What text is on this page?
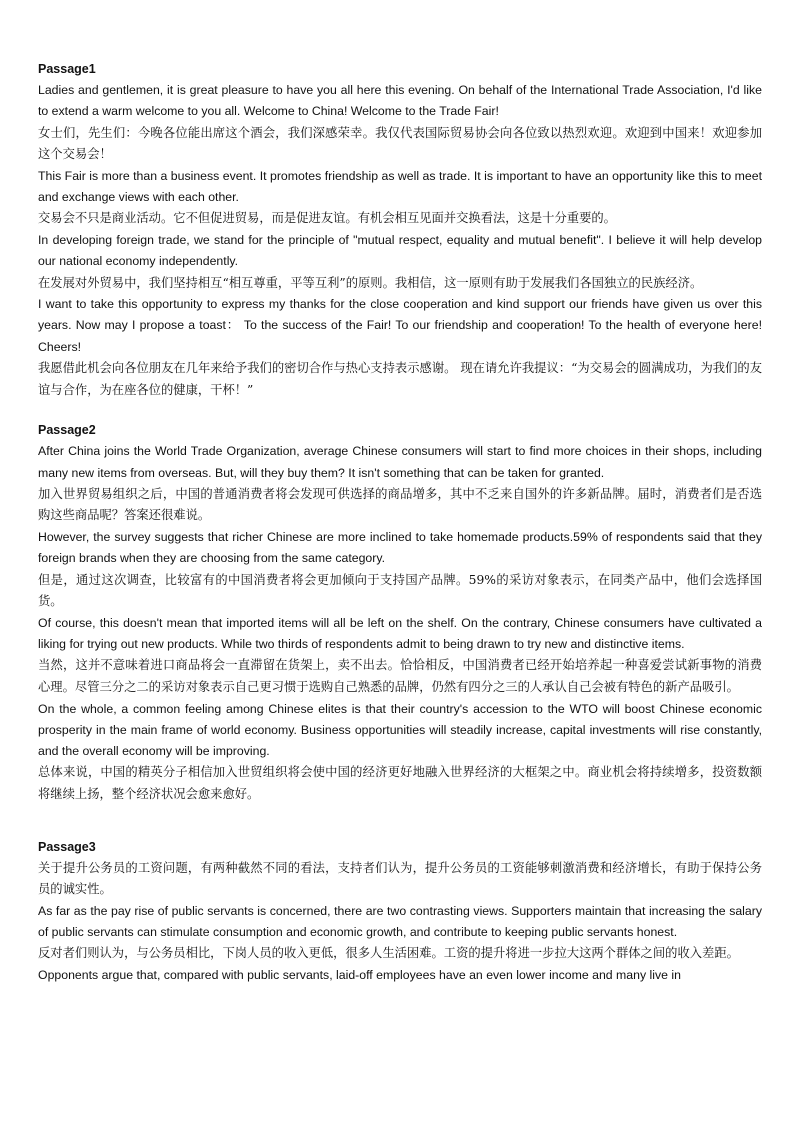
Passage1

Ladies and gentlemen, it is great pleasure to have you all here this evening. On behalf of the International Trade Association, I'd like to extend a warm welcome to you all. Welcome to China! Welcome to the Trade Fair!

女士们，先生们：今晚各位能出席这个酒会，我们深感荣幸。我仅代表国际贸易协会向各位致以热烈欢迎。欢迎到中国来！欢迎参加这个交易会！

This Fair is more than a business event. It promotes friendship as well as trade. It is important to have an opportunity like this to meet and exchange views with each other.

交易会不只是商业活动。它不但促进贸易，而是促进友谊。有机会相互见面并交换看法，这是十分重要的。

In developing foreign trade, we stand for the principle of "mutual respect, equality and mutual benefit". I believe it will help develop our national economy independently.

在发展对外贸易中，我们坚持相互“相互尊重，平等互利”的原则。我相信，这一原则有助于发展我们各国独立的民族经济。

I want to take this opportunity to express my thanks for the close cooperation and kind support our friends have given us over this years. Now may I propose a toast： To the success of the Fair! To our friendship and cooperation! To the health of everyone here! Cheers!

我愿借此机会向各位朋友在几年来给予我们的密切合作与热心支持表示感谢。 现在请允许我提议：“为交易会的圆满成功，为我们的友谊与合作，为在座各位的健康，干杯！”

Passage2

After China joins the World Trade Organization, average Chinese consumers will start to find more choices in their shops, including many new items from overseas. But, will they buy them? It isn't something that can be taken for granted.

加入世界贸易组织之后，中国的普通消费者将会发现可供选择的商品增多，其中不乏来自国外的许多新品牌。届时，消费者们是否选购这些商品呢？答案还很难说。

However, the survey suggests that richer Chinese are more inclined to take homemade products.59% of respondents said that they foreign brands when they are choosing from the same category.

但是，通过这次调查，比较富有的中国消费者将会更加倾向于支持国产品牌。59%的采访对象表示，在同类产品中，他们会选择国货。

Of course, this doesn't mean that imported items will all be left on the shelf. On the contrary, Chinese consumers have cultivated a liking for trying out new products. While two thirds of respondents admit to being drawn to try new and distinctive items.

当然，这并不意味着进口商品将会一直滞留在货架上，卖不出去。恰恰相反，中国消费者已经开始培养起一种喜爱尝试新事物的消费心理。尽管三分之二的采访对象表示自己更习惯于选购自己熟悉的品牌，仍然有四分之三的人承认自己会被有特色的新产品吸引。

On the whole, a common feeling among Chinese elites is that their country's accession to the WTO will boost Chinese economic prosperity in the main frame of world economy. Business opportunities will steadily increase, capital investments will rise constantly, and the overall economy will be improving.

总体来说，中国的精英分子相信加入世贸组织将会使中国的经济更好地融入世界经济的大框架之中。商业机会将持续增多，投资数额将继续上扬，整个经济状况会愈来愈好。

Passage3

关于提升公务员的工资问题，有两种截然不同的看法，支持者们认为，提升公务员的工资能够刺激消费和经济增长，有助于保持公务员的诚实性。

As far as the pay rise of public servants is concerned, there are two contrasting views. Supporters maintain that increasing the salary of public servants can stimulate consumption and economic growth, and contribute to keeping public servants honest.

反对者们则认为，与公务员相比，下岗人员的收入更低，很多人生活困难。工资的提升将进一步拉大这两个群体之间的收入差距。

Opponents argue that, compared with public servants, laid-off employees have an even lower income and many live in
